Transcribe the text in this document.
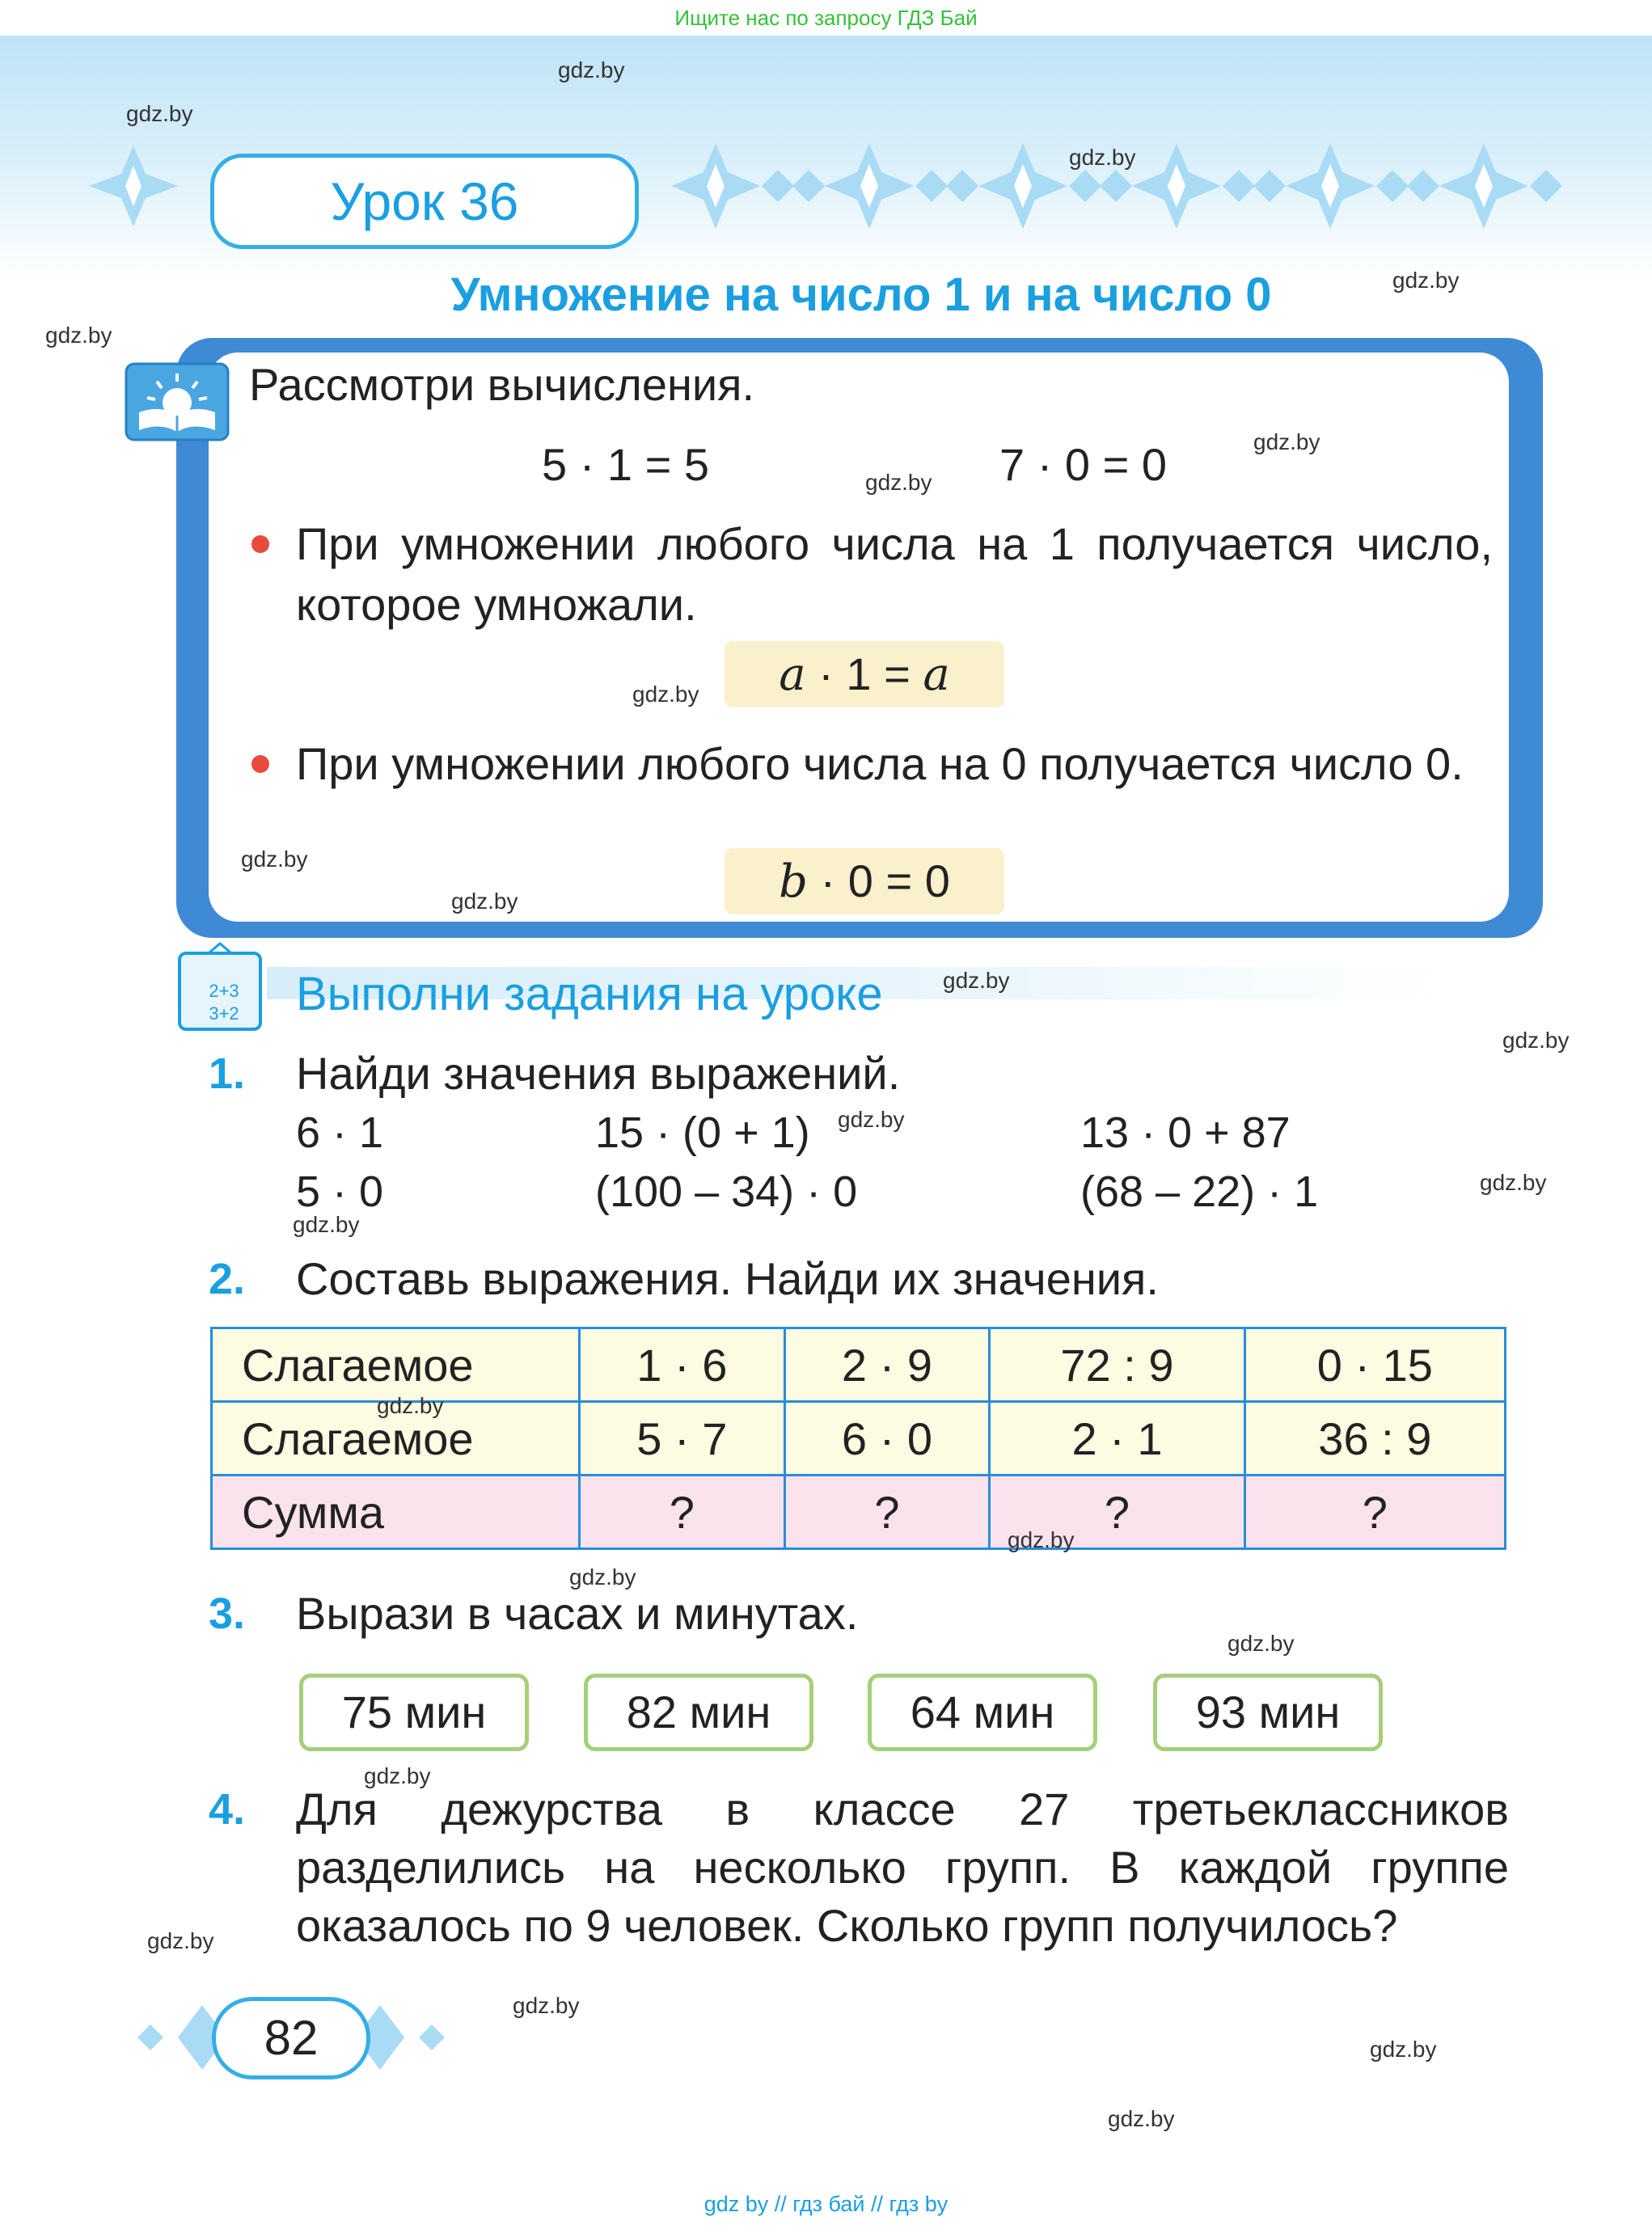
Ищите нас по запросу ГДЗ Бай
Урок 36
Умножение на число 1 и на число 0
Рассмотри вычисления.
5 · 1 = 5	7 · 0 = 0
При умножении любого числа на 1 получается число, которое умножали.
a · 1 = a
При умножении любого числа на 0 получается число 0.
b · 0 = 0
2+3
3+2	Выполни задания на уроке
1. Найди значения выражений.
6 · 1	15 · (0 + 1)	13 · 0 + 87
5 · 0	(100 – 34) · 0	(68 – 22) · 1
2. Составь выражения. Найди их значения.
Слагаемое	1 · 6	2 · 9	72 : 9	0 · 15
Слагаемое	5 · 7	6 · 0	2 · 1	36 : 9
Сумма	?	?	?	?
3. Вырази в часах и минутах.
75 мин	82 мин	64 мин	93 мин
4. Для дежурства в классе 27 третьеклассников разделились на несколько групп. В каждой группе оказалось по 9 человек. Сколько групп получилось?
82
gdz.by
gdz.by
gdz.by
gdz.by
gdz.by
gdz.by
gdz.by
gdz.by
gdz.by
gdz.by
gdz.by
gdz.by
gdz.by
gdz.by
gdz.by
gdz.by
gdz.by
gdz.by
gdz.by
gdz.by
gdz.by
gdz.by
gdz.by
gdz.by
gdz by // гдз бай // гдз by
